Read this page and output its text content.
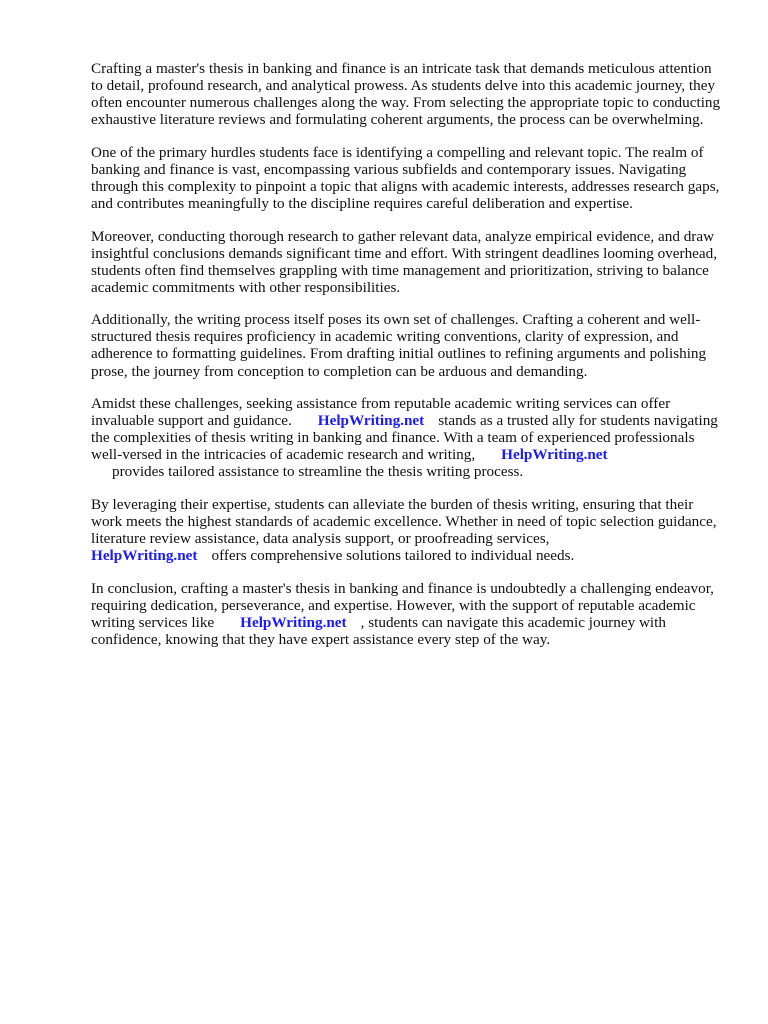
Crafting a master's thesis in banking and finance is an intricate task that demands meticulous attention to detail, profound research, and analytical prowess. As students delve into this academic journey, they often encounter numerous challenges along the way. From selecting the appropriate topic to conducting exhaustive literature reviews and formulating coherent arguments, the process can be overwhelming.

One of the primary hurdles students face is identifying a compelling and relevant topic. The realm of banking and finance is vast, encompassing various subfields and contemporary issues. Navigating through this complexity to pinpoint a topic that aligns with academic interests, addresses research gaps, and contributes meaningfully to the discipline requires careful deliberation and expertise.

Moreover, conducting thorough research to gather relevant data, analyze empirical evidence, and draw insightful conclusions demands significant time and effort. With stringent deadlines looming overhead, students often find themselves grappling with time management and prioritization, striving to balance academic commitments with other responsibilities.

Additionally, the writing process itself poses its own set of challenges. Crafting a coherent and well-structured thesis requires proficiency in academic writing conventions, clarity of expression, and adherence to formatting guidelines. From drafting initial outlines to refining arguments and polishing prose, the journey from conception to completion can be arduous and demanding.

Amidst these challenges, seeking assistance from reputable academic writing services can offer invaluable support and guidance. HelpWriting.net stands as a trusted ally for students navigating the complexities of thesis writing in banking and finance. With a team of experienced professionals well-versed in the intricacies of academic research and writing, HelpWriting.net
provides tailored assistance to streamline the thesis writing process.

By leveraging their expertise, students can alleviate the burden of thesis writing, ensuring that their work meets the highest standards of academic excellence. Whether in need of topic selection guidance, literature review assistance, data analysis support, or proofreading services,
HelpWriting.net offers comprehensive solutions tailored to individual needs.

In conclusion, crafting a master's thesis in banking and finance is undoubtedly a challenging endeavor, requiring dedication, perseverance, and expertise. However, with the support of reputable academic writing services like HelpWriting.net , students can navigate this academic journey with confidence, knowing that they have expert assistance every step of the way.
